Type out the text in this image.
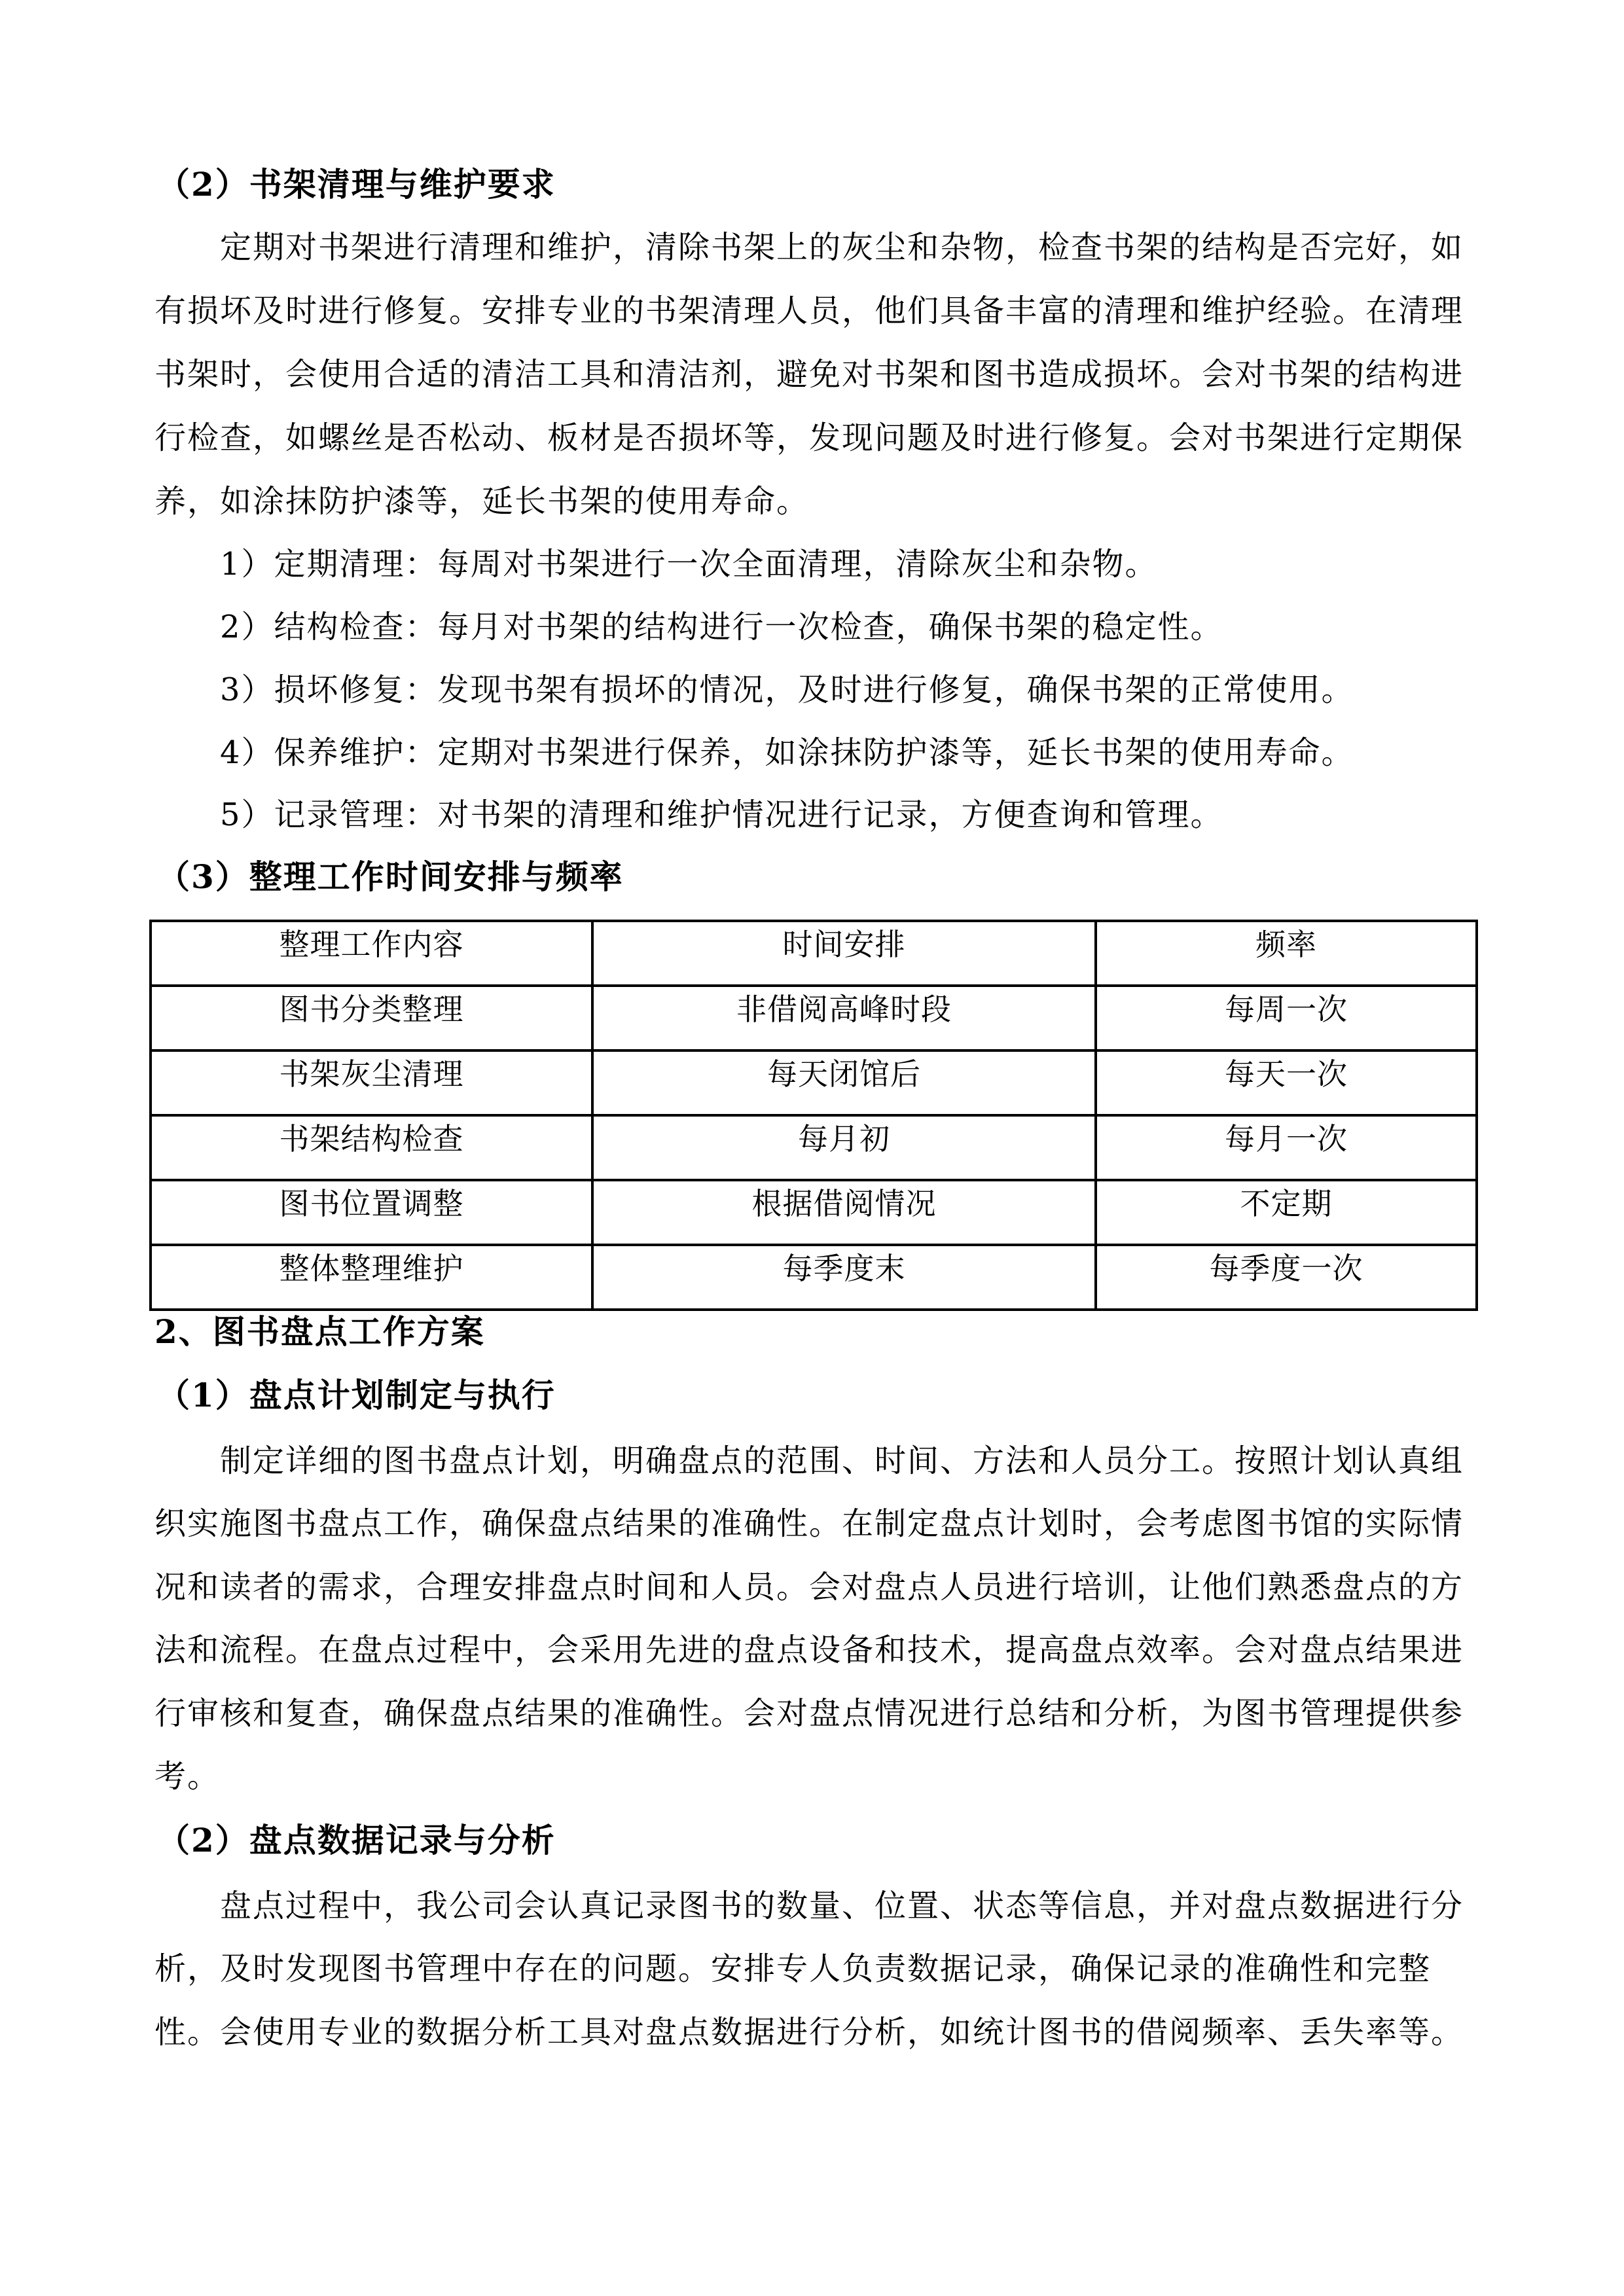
（2）书架清理与维护要求
定期对书架进行清理和维护，清除书架上的灰尘和杂物，检查书架的结构是否完好，如
有损坏及时进行修复。安排专业的书架清理人员，他们具备丰富的清理和维护经验。在清理
书架时，会使用合适的清洁工具和清洁剂，避免对书架和图书造成损坏。会对书架的结构进
行检查，如螺丝是否松动、板材是否损坏等，发现问题及时进行修复。会对书架进行定期保
养，如涂抹防护漆等，延长书架的使用寿命。
1）定期清理：每周对书架进行一次全面清理，清除灰尘和杂物。
2）结构检查：每月对书架的结构进行一次检查，确保书架的稳定性。
3）损坏修复：发现书架有损坏的情况，及时进行修复，确保书架的正常使用。
4）保养维护：定期对书架进行保养，如涂抹防护漆等，延长书架的使用寿命。
5）记录管理：对书架的清理和维护情况进行记录，方便查询和管理。
（3）整理工作时间安排与频率
整理工作内容	时间安排	频率
图书分类整理	非借阅高峰时段	每周一次
书架灰尘清理	每天闭馆后	每天一次
书架结构检查	每月初	每月一次
图书位置调整	根据借阅情况	不定期
整体整理维护	每季度末	每季度一次
2、图书盘点工作方案
（1）盘点计划制定与执行
制定详细的图书盘点计划，明确盘点的范围、时间、方法和人员分工。按照计划认真组
织实施图书盘点工作，确保盘点结果的准确性。在制定盘点计划时，会考虑图书馆的实际情
况和读者的需求，合理安排盘点时间和人员。会对盘点人员进行培训，让他们熟悉盘点的方
法和流程。在盘点过程中，会采用先进的盘点设备和技术，提高盘点效率。会对盘点结果进
行审核和复查，确保盘点结果的准确性。会对盘点情况进行总结和分析，为图书管理提供参
考。
（2）盘点数据记录与分析
盘点过程中，我公司会认真记录图书的数量、位置、状态等信息，并对盘点数据进行分
析，及时发现图书管理中存在的问题。安排专人负责数据记录，确保记录的准确性和完整
性。会使用专业的数据分析工具对盘点数据进行分析，如统计图书的借阅频率、丢失率等。
